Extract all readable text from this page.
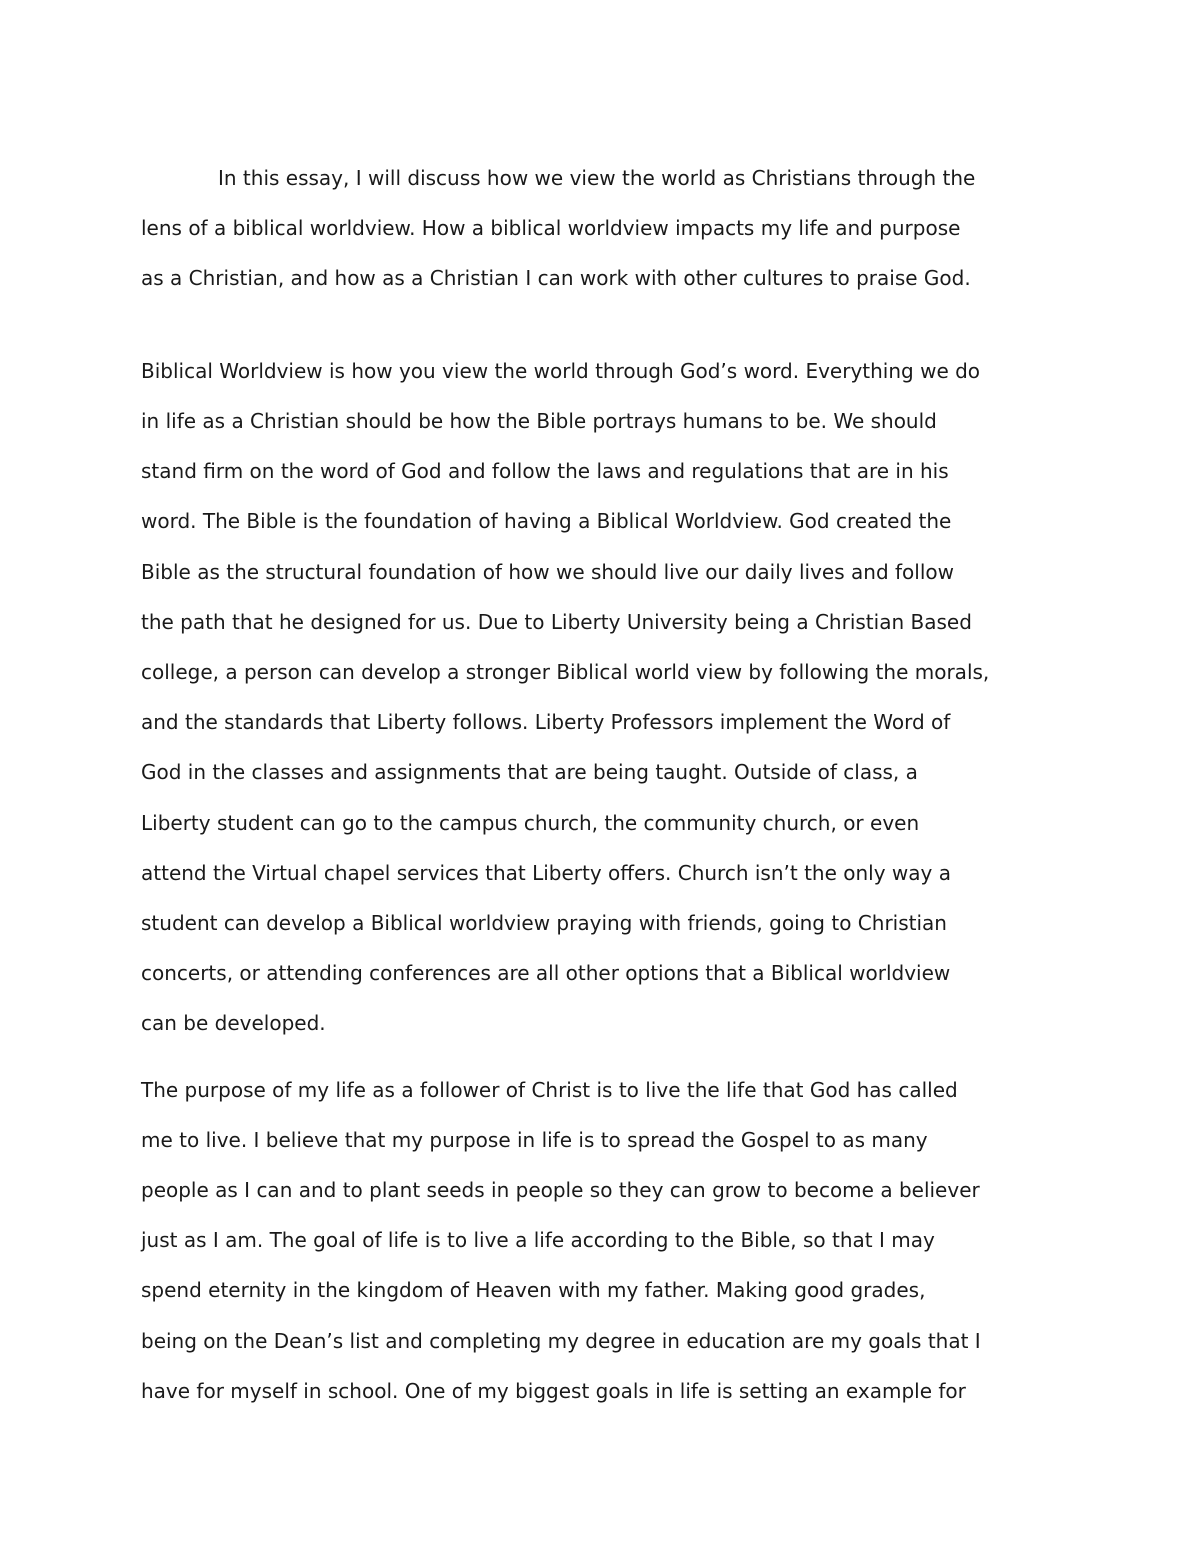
In this essay, I will discuss how we view the world as Christians through the

lens of a biblical worldview. How a biblical worldview impacts my life and purpose

as a Christian, and how as a Christian I can work with other cultures to praise God.

Biblical Worldview is how you view the world through God’s word. Everything we do

in life as a Christian should be how the Bible portrays humans to be. We should

stand firm on the word of God and follow the laws and regulations that are in his

word. The Bible is the foundation of having a Biblical Worldview. God created the

Bible as the structural foundation of how we should live our daily lives and follow

the path that he designed for us. Due to Liberty University being a Christian Based

college, a person can develop a stronger Biblical world view by following the morals,

and the standards that Liberty follows. Liberty Professors implement the Word of

God in the classes and assignments that are being taught. Outside of class, a

Liberty student can go to the campus church, the community church, or even

attend the Virtual chapel services that Liberty offers. Church isn’t the only way a

student can develop a Biblical worldview praying with friends, going to Christian

concerts, or attending conferences are all other options that a Biblical worldview

can be developed.

The purpose of my life as a follower of Christ is to live the life that God has called

me to live. I believe that my purpose in life is to spread the Gospel to as many

people as I can and to plant seeds in people so they can grow to become a believer

just as I am. The goal of life is to live a life according to the Bible, so that I may

spend eternity in the kingdom of Heaven with my father. Making good grades,

being on the Dean’s list and completing my degree in education are my goals that I

have for myself in school. One of my biggest goals in life is setting an example for
